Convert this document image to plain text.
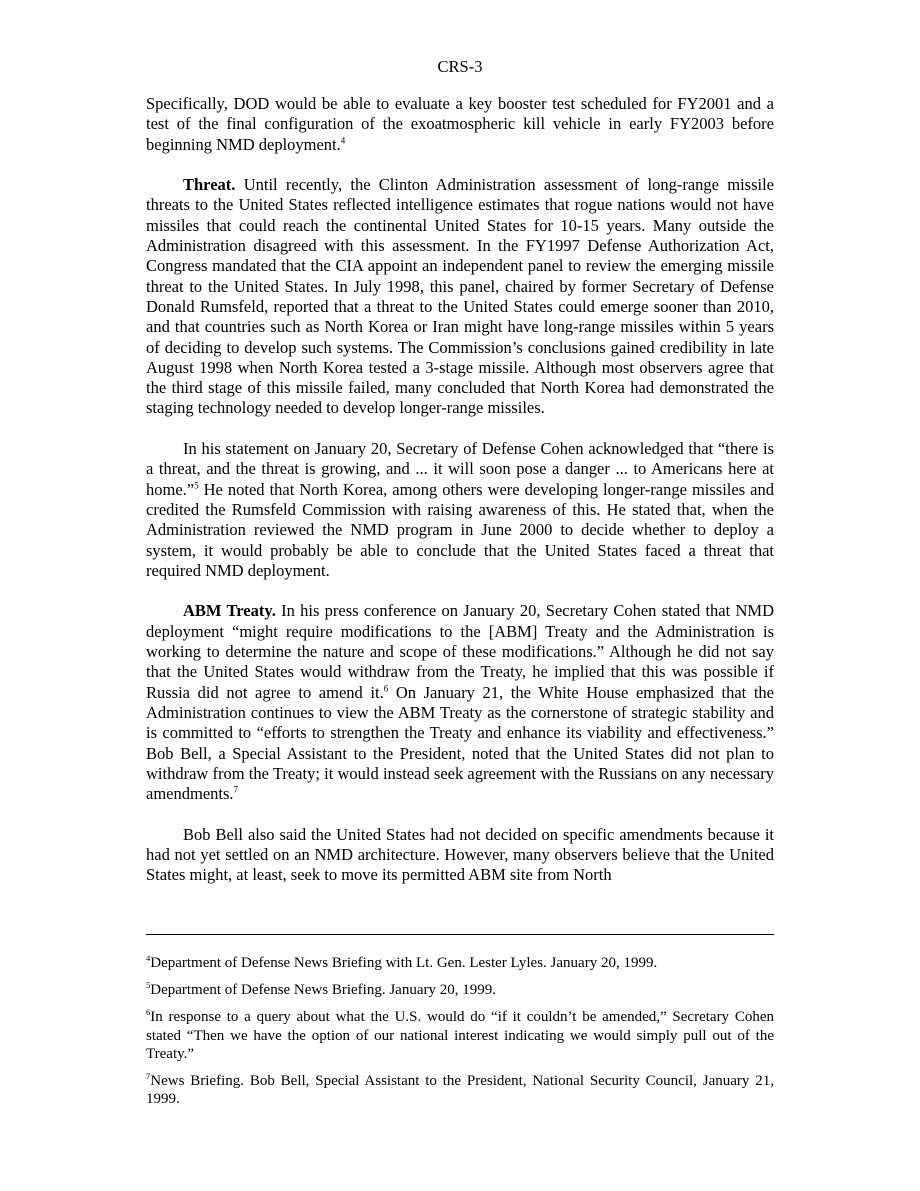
CRS-3

Specifically, DOD would be able to evaluate a key booster test scheduled for FY2001 and a test of the final configuration of the exoatmospheric kill vehicle in early FY2003 before beginning NMD deployment.$^4$

Threat. Until recently, the Clinton Administration assessment of long-range missile threats to the United States reflected intelligence estimates that rogue nations would not have missiles that could reach the continental United States for 10-15 years. Many outside the Administration disagreed with this assessment. In the FY1997 Defense Authorization Act, Congress mandated that the CIA appoint an independent panel to review the emerging missile threat to the United States. In July 1998, this panel, chaired by former Secretary of Defense Donald Rumsfeld, reported that a threat to the United States could emerge sooner than 2010, and that countries such as North Korea or Iran might have long-range missiles within 5 years of deciding to develop such systems. The Commission’s conclusions gained credibility in late August 1998 when North Korea tested a 3-stage missile. Although most observers agree that the third stage of this missile failed, many concluded that North Korea had demonstrated the staging technology needed to develop longer-range missiles.

In his statement on January 20, Secretary of Defense Cohen acknowledged that “there is a threat, and the threat is growing, and ... it will soon pose a danger ... to Americans here at home.”$^5$ He noted that North Korea, among others were developing longer-range missiles and credited the Rumsfeld Commission with raising awareness of this. He stated that, when the Administration reviewed the NMD program in June 2000 to decide whether to deploy a system, it would probably be able to conclude that the United States faced a threat that required NMD deployment.

ABM Treaty. In his press conference on January 20, Secretary Cohen stated that NMD deployment “might require modifications to the [ABM] Treaty and the Administration is working to determine the nature and scope of these modifications.” Although he did not say that the United States would withdraw from the Treaty, he implied that this was possible if Russia did not agree to amend it.$^6$ On January 21, the White House emphasized that the Administration continues to view the ABM Treaty as the cornerstone of strategic stability and is committed to “efforts to strengthen the Treaty and enhance its viability and effectiveness.” Bob Bell, a Special Assistant to the President, noted that the United States did not plan to withdraw from the Treaty; it would instead seek agreement with the Russians on any necessary amendments.$^7$

Bob Bell also said the United States had not decided on specific amendments because it had not yet settled on an NMD architecture. However, many observers believe that the United States might, at least, seek to move its permitted ABM site from North

$^4$Department of Defense News Briefing with Lt. Gen. Lester Lyles. January 20, 1999.

$^5$Department of Defense News Briefing. January 20, 1999.

$^6$In response to a query about what the U.S. would do “if it couldn’t be amended,” Secretary Cohen stated “Then we have the option of our national interest indicating we would simply pull out of the Treaty.”

$^7$News Briefing. Bob Bell, Special Assistant to the President, National Security Council, January 21, 1999.
